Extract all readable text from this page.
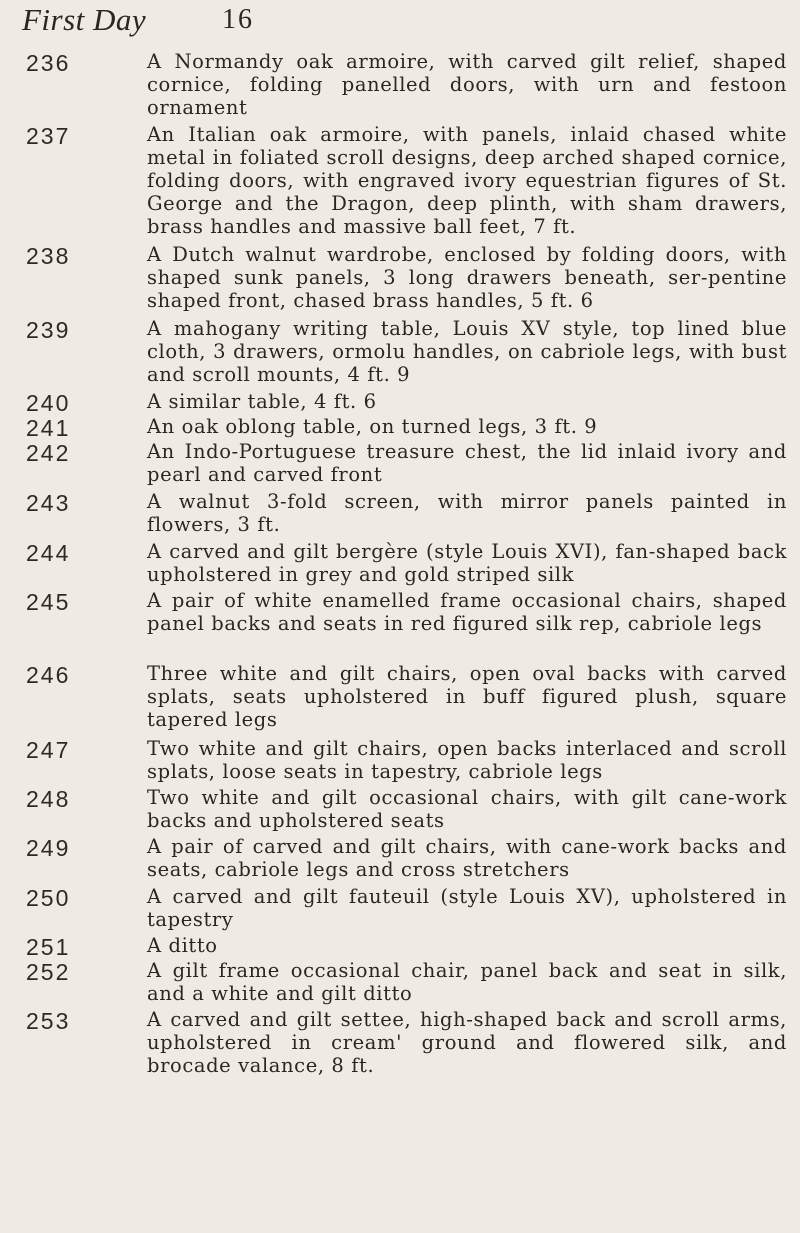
First Day	16
236	A Normandy oak armoire, with carved gilt relief, shaped cornice, folding panelled doors, with urn and festoon ornament
237	An Italian oak armoire, with panels, inlaid chased white metal in foliated scroll designs, deep arched shaped cornice, folding doors, with engraved ivory equestrian figures of St. George and the Dragon, deep plinth, with sham drawers, brass handles and massive ball feet, 7 ft.
238	A Dutch walnut wardrobe, enclosed by folding doors, with shaped sunk panels, 3 long drawers beneath, ser-pentine shaped front, chased brass handles, 5 ft. 6
239	A mahogany writing table, Louis XV style, top lined blue cloth, 3 drawers, ormolu handles, on cabriole legs, with bust and scroll mounts, 4 ft. 9
240	A similar table, 4 ft. 6
241	An oak oblong table, on turned legs, 3 ft. 9
242	An Indo-Portuguese treasure chest, the lid inlaid ivory and pearl and carved front
243	A walnut 3-fold screen, with mirror panels painted in flowers, 3 ft.
244	A carved and gilt bergère (style Louis XVI), fan-shaped back upholstered in grey and gold striped silk
245	A pair of white enamelled frame occasional chairs, shaped panel backs and seats in red figured silk rep, cabriole legs
246	Three white and gilt chairs, open oval backs with carved splats, seats upholstered in buff figured plush, square tapered legs
247	Two white and gilt chairs, open backs interlaced and scroll splats, loose seats in tapestry, cabriole legs
248	Two white and gilt occasional chairs, with gilt cane-work backs and upholstered seats
249	A pair of carved and gilt chairs, with cane-work backs and seats, cabriole legs and cross stretchers
250	A carved and gilt fauteuil (style Louis XV), upholstered in tapestry
251	A ditto
252	A gilt frame occasional chair, panel back and seat in silk, and a white and gilt ditto
253	A carved and gilt settee, high-shaped back and scroll arms, upholstered in cream' ground and flowered silk, and brocade valance, 8 ft.
